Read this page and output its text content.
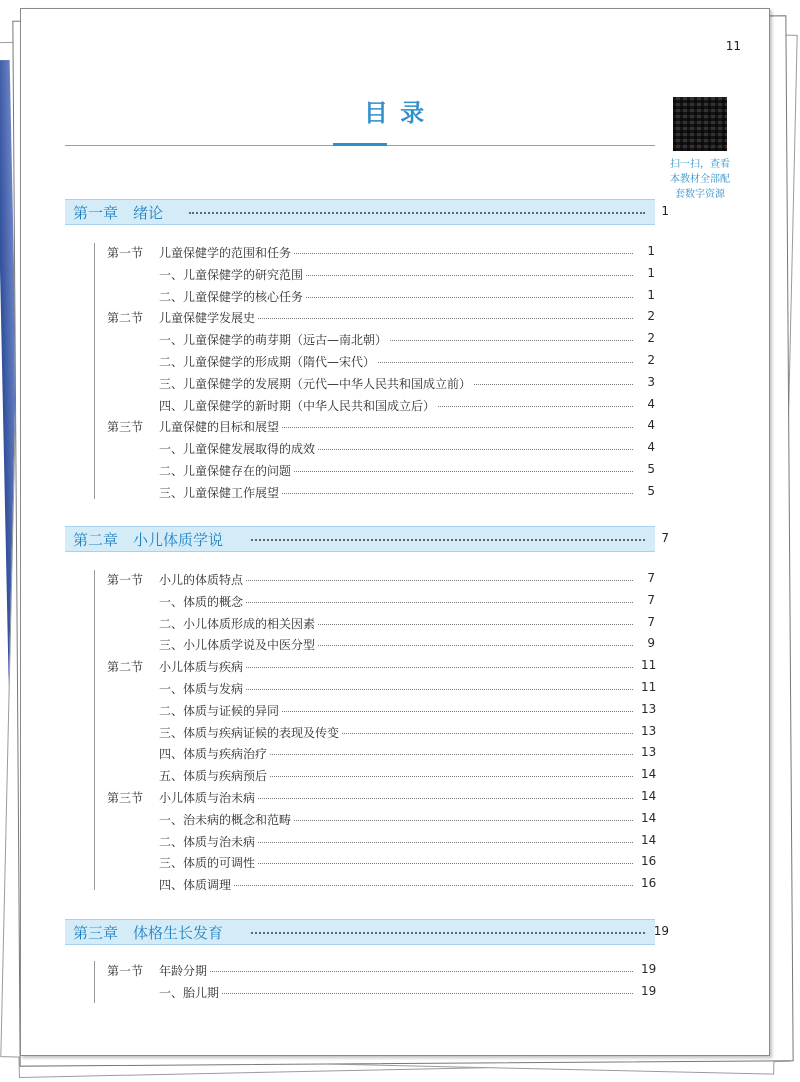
11
目 录
扫一扫，查看本教材全部配套数字资源
第一章　绪论	1
第一节 儿童保健学的范围和任务	1
一、儿童保健学的研究范围	1
二、儿童保健学的核心任务	1
第二节 儿童保健学发展史	2
一、儿童保健学的萌芽期（远古—南北朝）	2
二、儿童保健学的形成期（隋代—宋代）	2
三、儿童保健学的发展期（元代—中华人民共和国成立前）	3
四、儿童保健学的新时期（中华人民共和国成立后）	4
第三节 儿童保健的目标和展望	4
一、儿童保健发展取得的成效	4
二、儿童保健存在的问题	5
三、儿童保健工作展望	5
第二章　小儿体质学说	7
第一节 小儿的体质特点	7
一、体质的概念	7
二、小儿体质形成的相关因素	7
三、小儿体质学说及中医分型	9
第二节 小儿体质与疾病	11
一、体质与发病	11
二、体质与证候的异同	13
三、体质与疾病证候的表现及传变	13
四、体质与疾病治疗	13
五、体质与疾病预后	14
第三节 小儿体质与治未病	14
一、治未病的概念和范畴	14
二、体质与治未病	14
三、体质的可调性	16
四、体质调理	16
第三章　体格生长发育	19
第一节 年龄分期	19
一、胎儿期	19
